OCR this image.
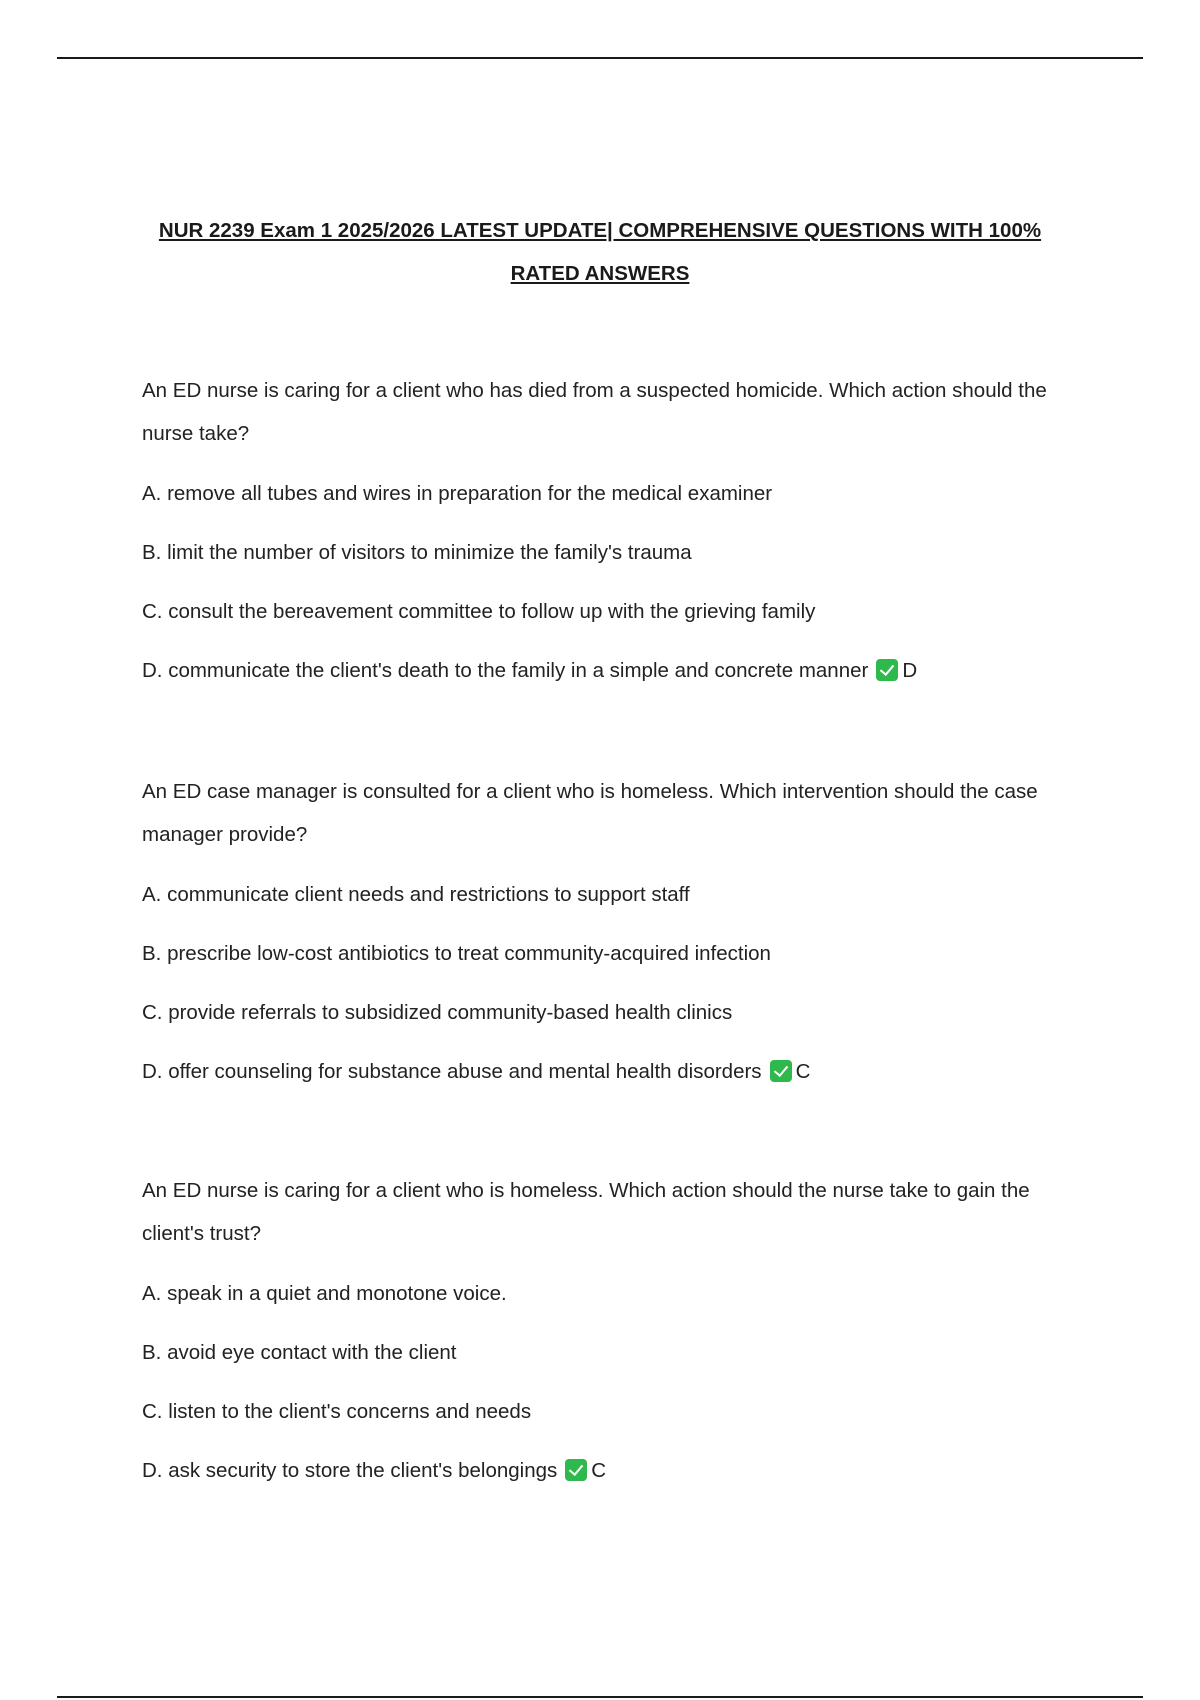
NUR 2239 Exam 1 2025/2026 LATEST UPDATE| COMPREHENSIVE QUESTIONS WITH 100%
RATED ANSWERS
An ED nurse is caring for a client who has died from a suspected homicide. Which action should the nurse take?
A. remove all tubes and wires in preparation for the medical examiner
B. limit the number of visitors to minimize the family's trauma
C. consult the bereavement committee to follow up with the grieving family
D. communicate the client's death to the family in a simple and concrete manner D
An ED case manager is consulted for a client who is homeless. Which intervention should the case manager provide?
A. communicate client needs and restrictions to support staff
B. prescribe low-cost antibiotics to treat community-acquired infection
C. provide referrals to subsidized community-based health clinics
D. offer counseling for substance abuse and mental health disorders C
An ED nurse is caring for a client who is homeless. Which action should the nurse take to gain the client's trust?
A. speak in a quiet and monotone voice.
B. avoid eye contact with the client
C. listen to the client's concerns and needs
D. ask security to store the client's belongings C
